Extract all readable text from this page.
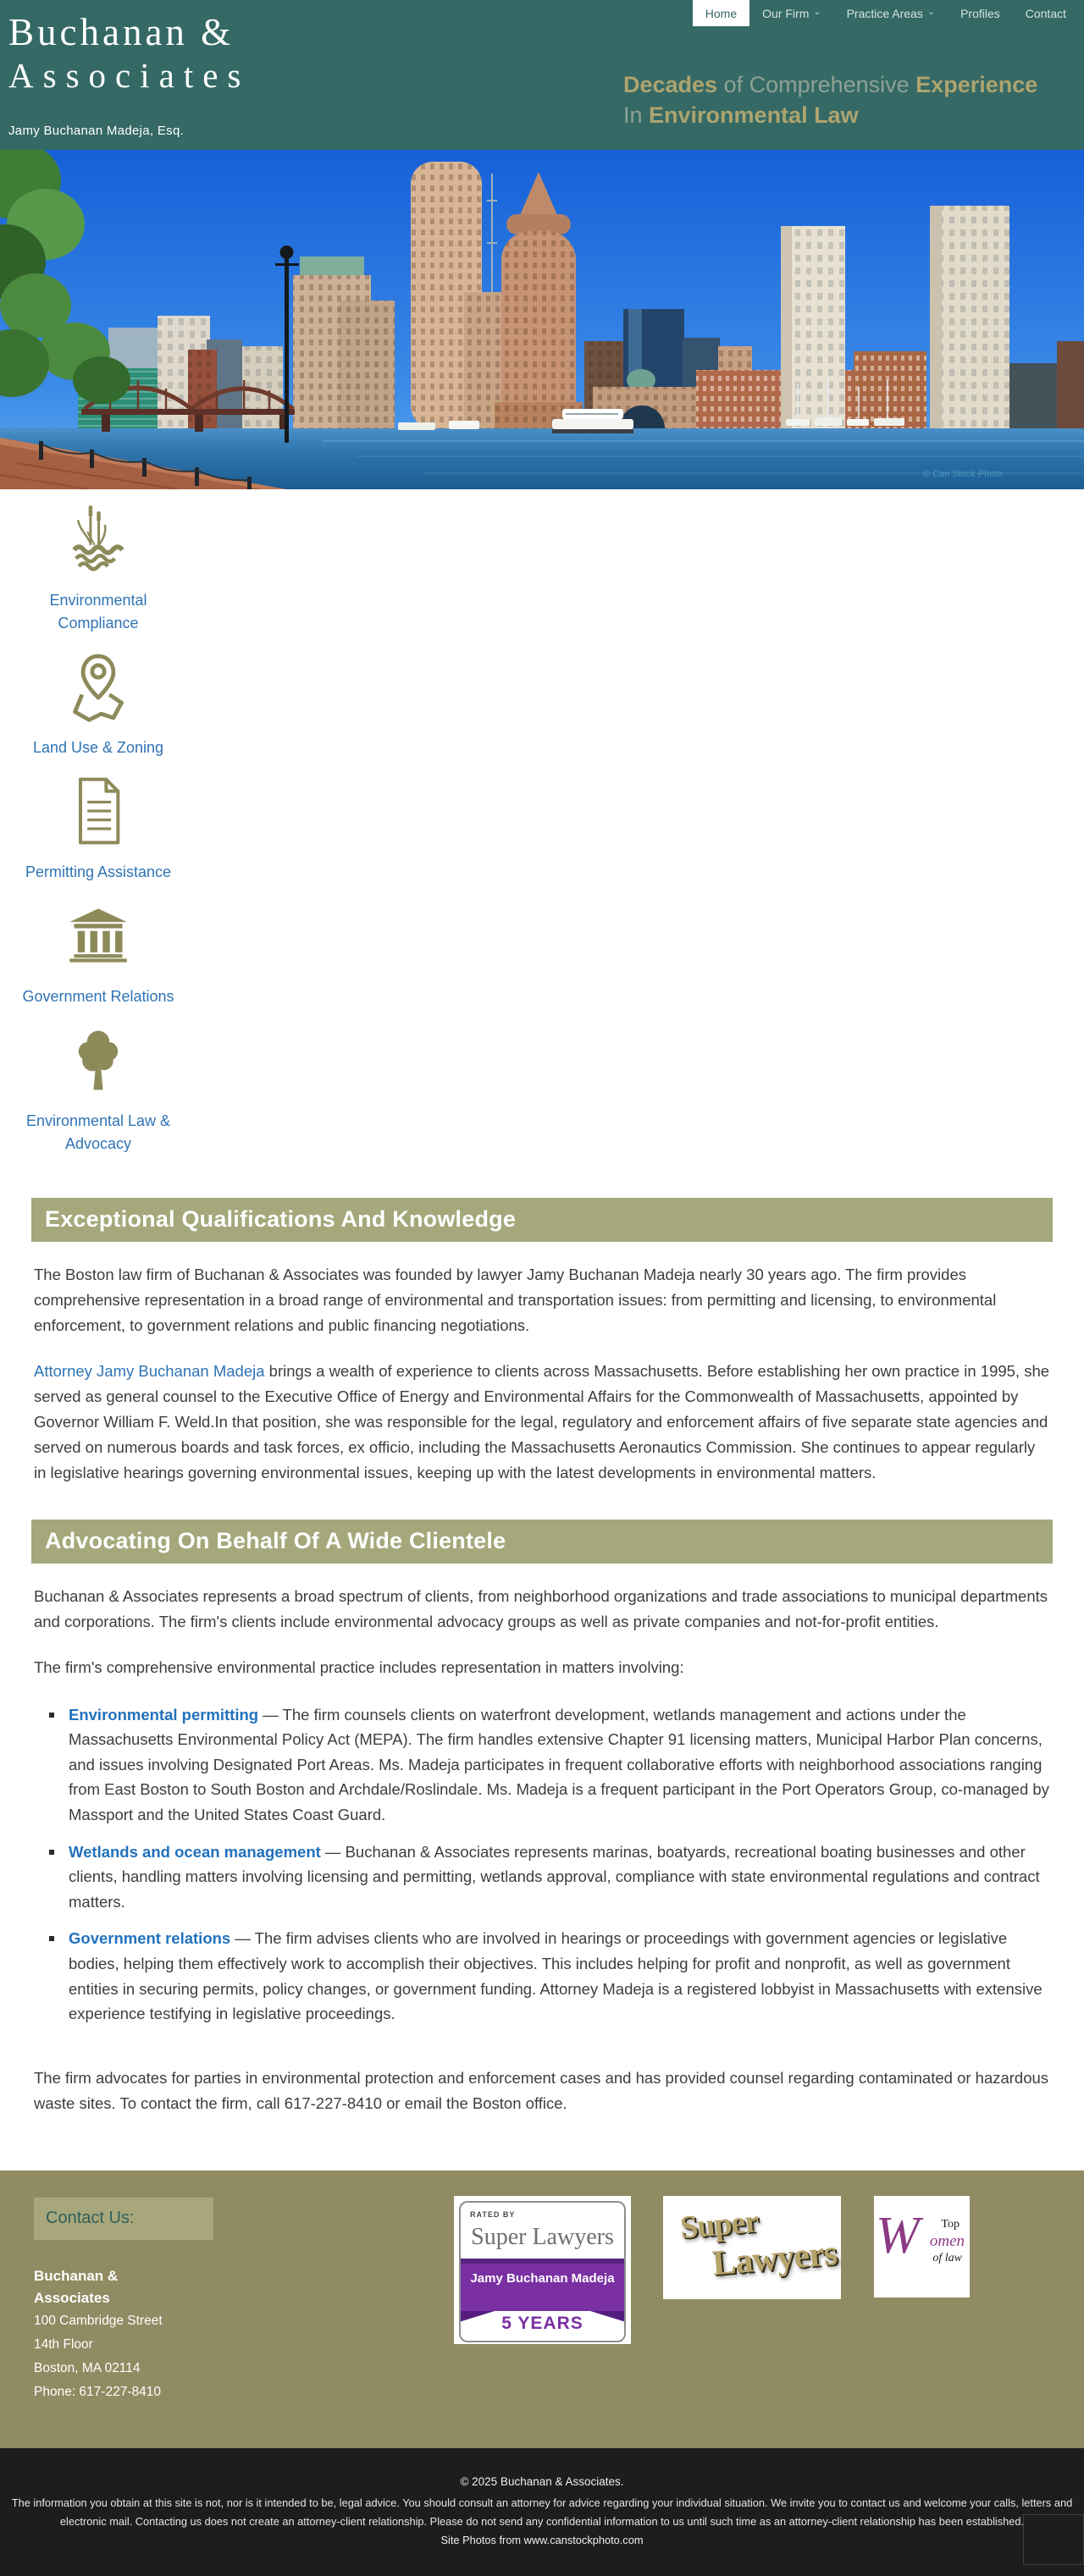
Buchanan &
Associates
Jamy Buchanan Madeja, Esq.
Home Our Firm ⌄ Practice Areas ⌄ Profiles Contact
Decades of Comprehensive Experience
In Environmental Law
© Can Stock Photo
Environmental Compliance
Land Use & Zoning
Permitting Assistance
Government Relations
Environmental Law & Advocacy
Exceptional Qualifications And Knowledge

The Boston law firm of Buchanan & Associates was founded by lawyer Jamy Buchanan Madeja nearly 30 years ago. The firm provides comprehensive representation in a broad range of environmental and transportation issues: from permitting and licensing, to environmental enforcement, to government relations and public financing negotiations.

Attorney Jamy Buchanan Madeja brings a wealth of experience to clients across Massachusetts. Before establishing her own practice in 1995, she served as general counsel to the Executive Office of Energy and Environmental Affairs for the Commonwealth of Massachusetts, appointed by Governor William F. Weld.In that position, she was responsible for the legal, regulatory and enforcement affairs of five separate state agencies and served on numerous boards and task forces, ex officio, including the Massachusetts Aeronautics Commission. She continues to appear regularly in legislative hearings governing environmental issues, keeping up with the latest developments in environmental matters.

Advocating On Behalf Of A Wide Clientele

Buchanan & Associates represents a broad spectrum of clients, from neighborhood organizations and trade associations to municipal departments and corporations. The firm's clients include environmental advocacy groups as well as private companies and not-for-profit entities.

The firm's comprehensive environmental practice includes representation in matters involving:

Environmental permitting — The firm counsels clients on waterfront development, wetlands management and actions under the Massachusetts Environmental Policy Act (MEPA). The firm handles extensive Chapter 91 licensing matters, Municipal Harbor Plan concerns, and issues involving Designated Port Areas. Ms. Madeja participates in frequent collaborative efforts with neighborhood associations ranging from East Boston to South Boston and Archdale/Roslindale. Ms. Madeja is a frequent participant in the Port Operators Group, co-managed by Massport and the United States Coast Guard.
Wetlands and ocean management — Buchanan & Associates represents marinas, boatyards, recreational boating businesses and other clients, handling matters involving licensing and permitting, wetlands approval, compliance with state environmental regulations and contract matters.
Government relations — The firm advises clients who are involved in hearings or proceedings with government agencies or legislative bodies, helping them effectively work to accomplish their objectives. This includes helping for profit and nonprofit, as well as government entities in securing permits, policy changes, or government funding. Attorney Madeja is a registered lobbyist in Massachusetts with extensive experience testifying in legislative proceedings.

The firm advocates for parties in environmental protection and enforcement cases and has provided counsel regarding contaminated or hazardous waste sites. To contact the firm, call 617-227-8410 or email the Boston office.

Contact Us:
Buchanan &
Associates
100 Cambridge Street
14th Floor
Boston, MA 02114
Phone: 617-227-8410
RATED BY
Super Lawyers
Jamy Buchanan Madeja
5 YEARS
Super
Lawyers W Top
omen
of law
© 2025 Buchanan & Associates.
The information you obtain at this site is not, nor is it intended to be, legal advice. You should consult an attorney for advice regarding your individual situation. We invite you to contact us and welcome your calls, letters and electronic mail. Contacting us does not create an attorney-client relationship. Please do not send any confidential information to us until such time as an attorney-client relationship has been established.
Site Photos from www.canstockphoto.com
